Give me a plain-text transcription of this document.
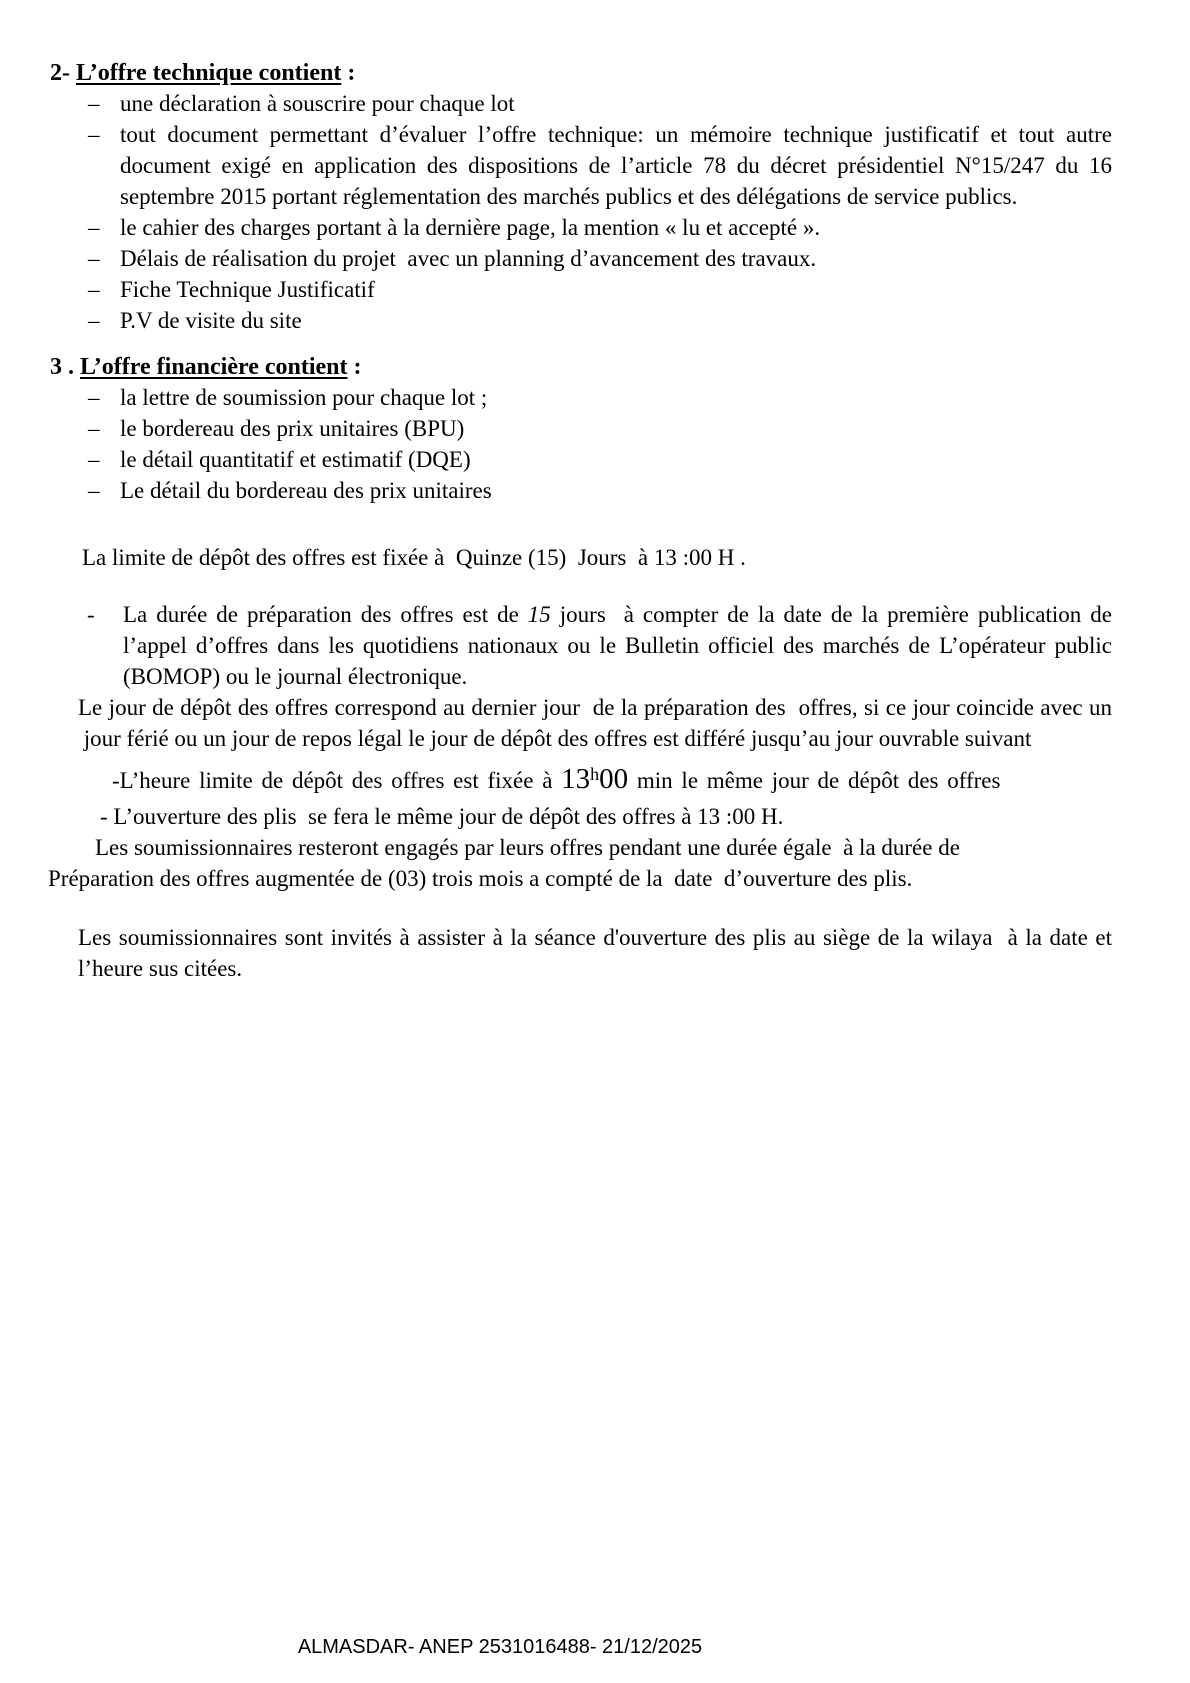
2- L’offre technique contient :
– une déclaration à souscrire pour chaque lot
– tout document permettant d’évaluer l’offre technique: un mémoire technique justificatif et tout autre document exigé en application des dispositions de l’article 78 du décret présidentiel N°15/247 du 16 septembre 2015 portant réglementation des marchés publics et des délégations de service publics.
– le cahier des charges portant à la dernière page, la mention « lu et accepté ».
– Délais de réalisation du projet  avec un planning d’avancement des travaux.
– Fiche Technique Justificatif
– P.V de visite du site
3 . L’offre financière contient :
– la lettre de soumission pour chaque lot ;
– le bordereau des prix unitaires (BPU)
– le détail quantitatif et estimatif (DQE)
– Le détail du bordereau des prix unitaires
La limite de dépôt des offres est fixée à  Quinze (15)  Jours  à 13 :00 H .
-	La durée de préparation des offres est de 15 jours  à compter de la date de la première publication de l’appel d’offres dans les quotidiens nationaux ou le Bulletin officiel des marchés de L’opérateur public (BOMOP) ou le journal électronique.
Le jour de dépôt des offres correspond au dernier jour  de la préparation des  offres, si ce jour coincide avec un  jour férié ou un jour de repos légal le jour de dépôt des offres est différé jusqu’au jour ouvrable suivant
-L’heure limite de dépôt des offres est fixée à 13$^h$00 min le même jour de dépôt des offres
- L’ouverture des plis  se fera le même jour de dépôt des offres à 13 :00 H.
Les soumissionnaires resteront engagés par leurs offres pendant une durée égale  à la durée de
Préparation des offres augmentée de (03) trois mois a compté de la  date  d’ouverture des plis.
Les soumissionnaires sont invités à assister à la séance d'ouverture des plis au siège de la wilaya  à la date et l’heure sus citées.
ALMASDAR- ANEP 2531016488- 21/12/2025
